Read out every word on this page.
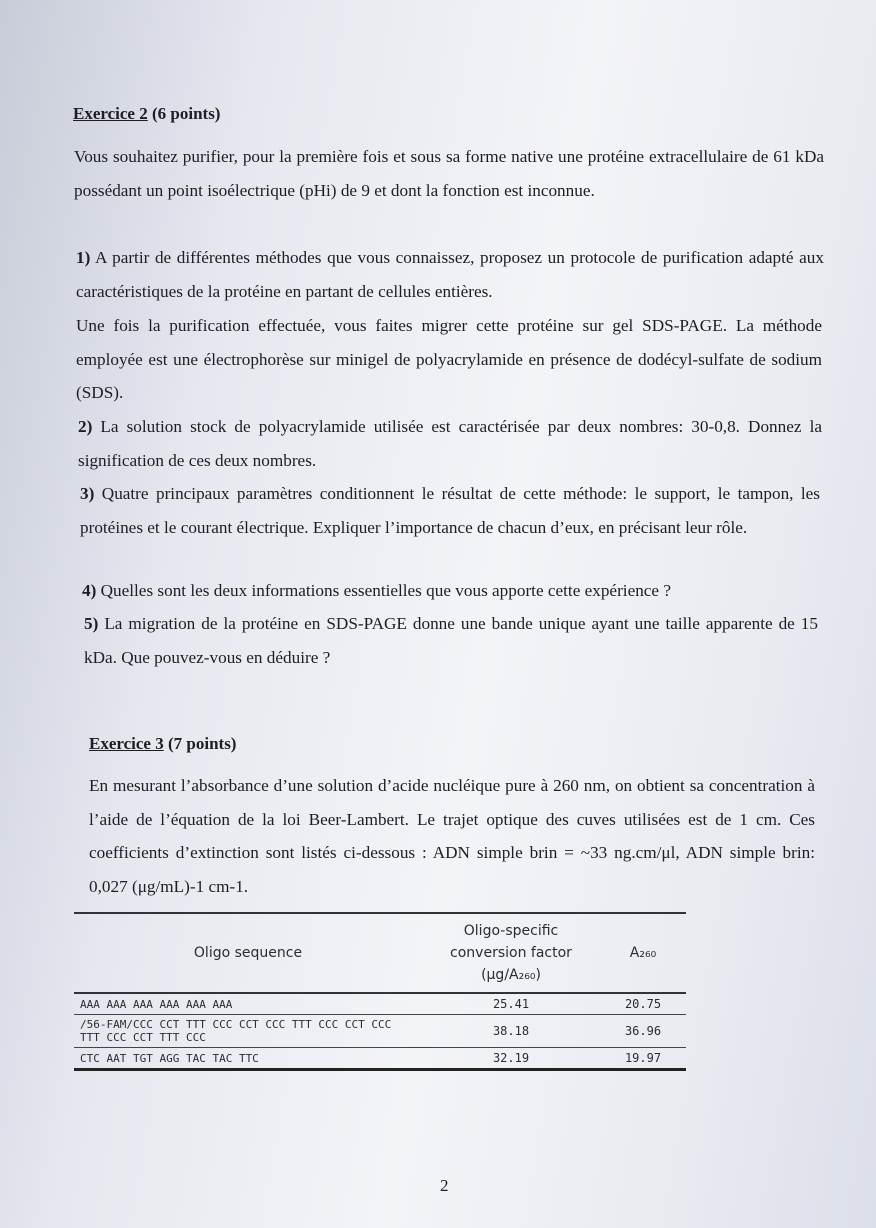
Exercice 2 (6 points)
Vous souhaitez purifier, pour la première fois et sous sa forme native une protéine extracellulaire de 61 kDa possédant un point isoélectrique (pHi) de 9 et dont la fonction est inconnue.
1) A partir de différentes méthodes que vous connaissez, proposez un protocole de purification adapté aux caractéristiques de la protéine en partant de cellules entières.
Une fois la purification effectuée, vous faites migrer cette protéine sur gel SDS-PAGE. La méthode employée est une électrophorèse sur minigel de polyacrylamide en présence de dodécyl-sulfate de sodium (SDS).
2) La solution stock de polyacrylamide utilisée est caractérisée par deux nombres: 30-0,8. Donnez la signification de ces deux nombres.
3) Quatre principaux paramètres conditionnent le résultat de cette méthode: le support, le tampon, les protéines et le courant électrique. Expliquer l’importance de chacun d’eux, en précisant leur rôle.
4) Quelles sont les deux informations essentielles que vous apporte cette expérience ?
5) La migration de la protéine en SDS-PAGE donne une bande unique ayant une taille apparente de 15 kDa. Que pouvez-vous en déduire ?
Exercice 3 (7 points)
En mesurant l’absorbance d’une solution d’acide nucléique pure à 260 nm, on obtient sa concentration à l’aide de l’équation de la loi Beer-Lambert. Le trajet optique des cuves utilisées est de 1 cm. Ces coefficients d’extinction sont listés ci-dessous : ADN simple brin = ~33 ng.cm/μl, ADN simple brin: 0,027 (μg/mL)-1 cm-1.
Oligo sequence	Oligo-specific conversion factor (μg/A₂₆₀)	A₂₆₀
AAA AAA AAA AAA AAA AAA	25.41	20.75
/56-FAM/CCC CCT TTT CCC CCT CCC TTT CCC CCT CCC TTT CCC CCT TTT CCC	38.18	36.96
CTC AAT TGT AGG TAC TAC TTC	32.19	19.97
2
